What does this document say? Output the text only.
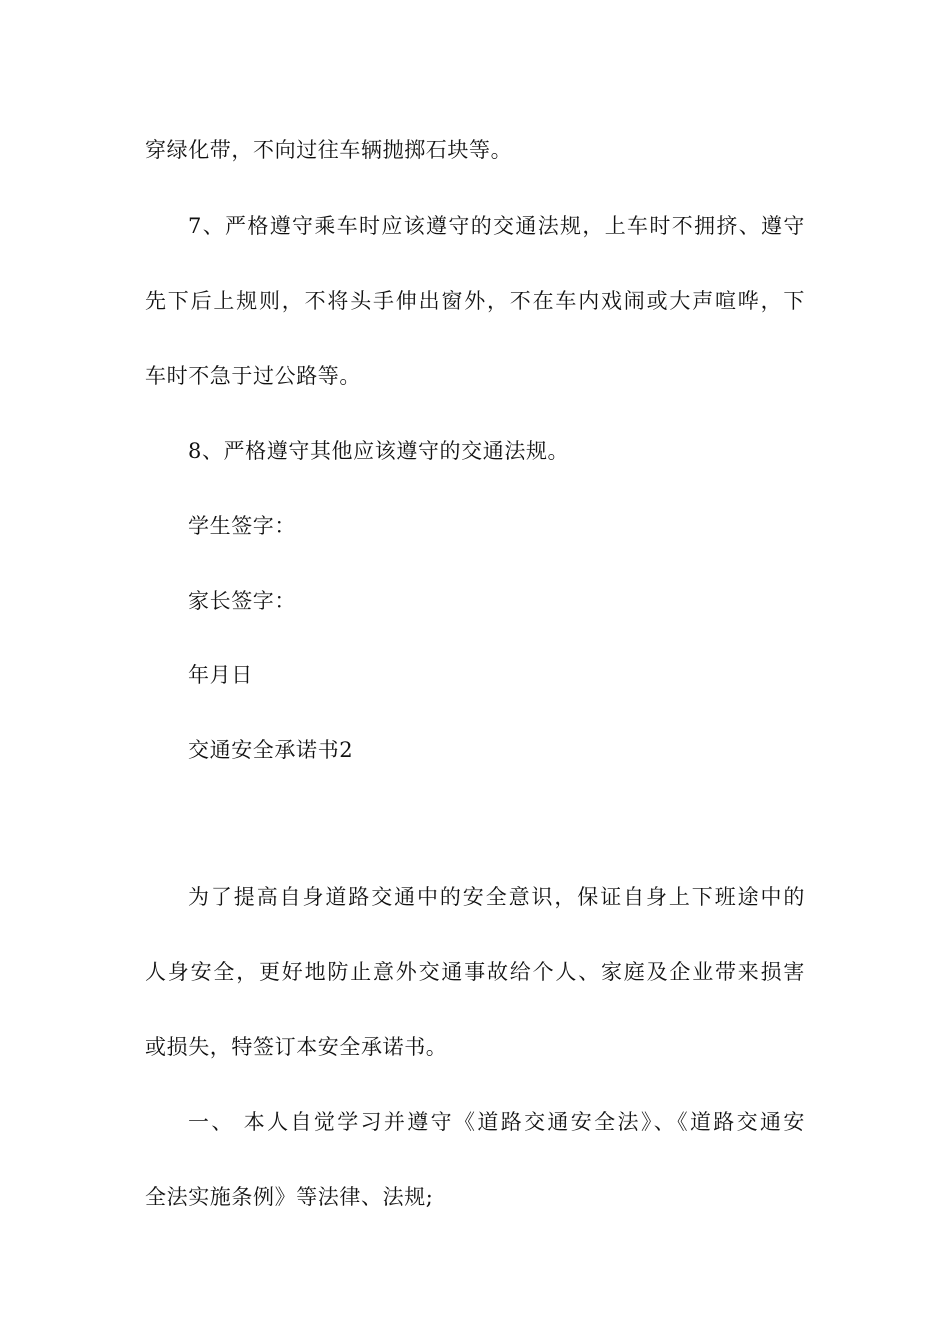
穿绿化带，不向过往车辆抛掷石块等。
7、严格遵守乘车时应该遵守的交通法规，上车时不拥挤、遵守
先下后上规则，不将头手伸出窗外，不在车内戏闹或大声喧哗，下
车时不急于过公路等。
8、严格遵守其他应该遵守的交通法规。
学生签字：
家长签字：
年月日
交通安全承诺书2
为了提高自身道路交通中的安全意识，保证自身上下班途中的
人身安全，更好地防止意外交通事故给个人、家庭及企业带来损害
或损失，特签订本安全承诺书。
一、 本人自觉学习并遵守《道路交通安全法》、《道路交通安
全法实施条例》等法律、法规;
